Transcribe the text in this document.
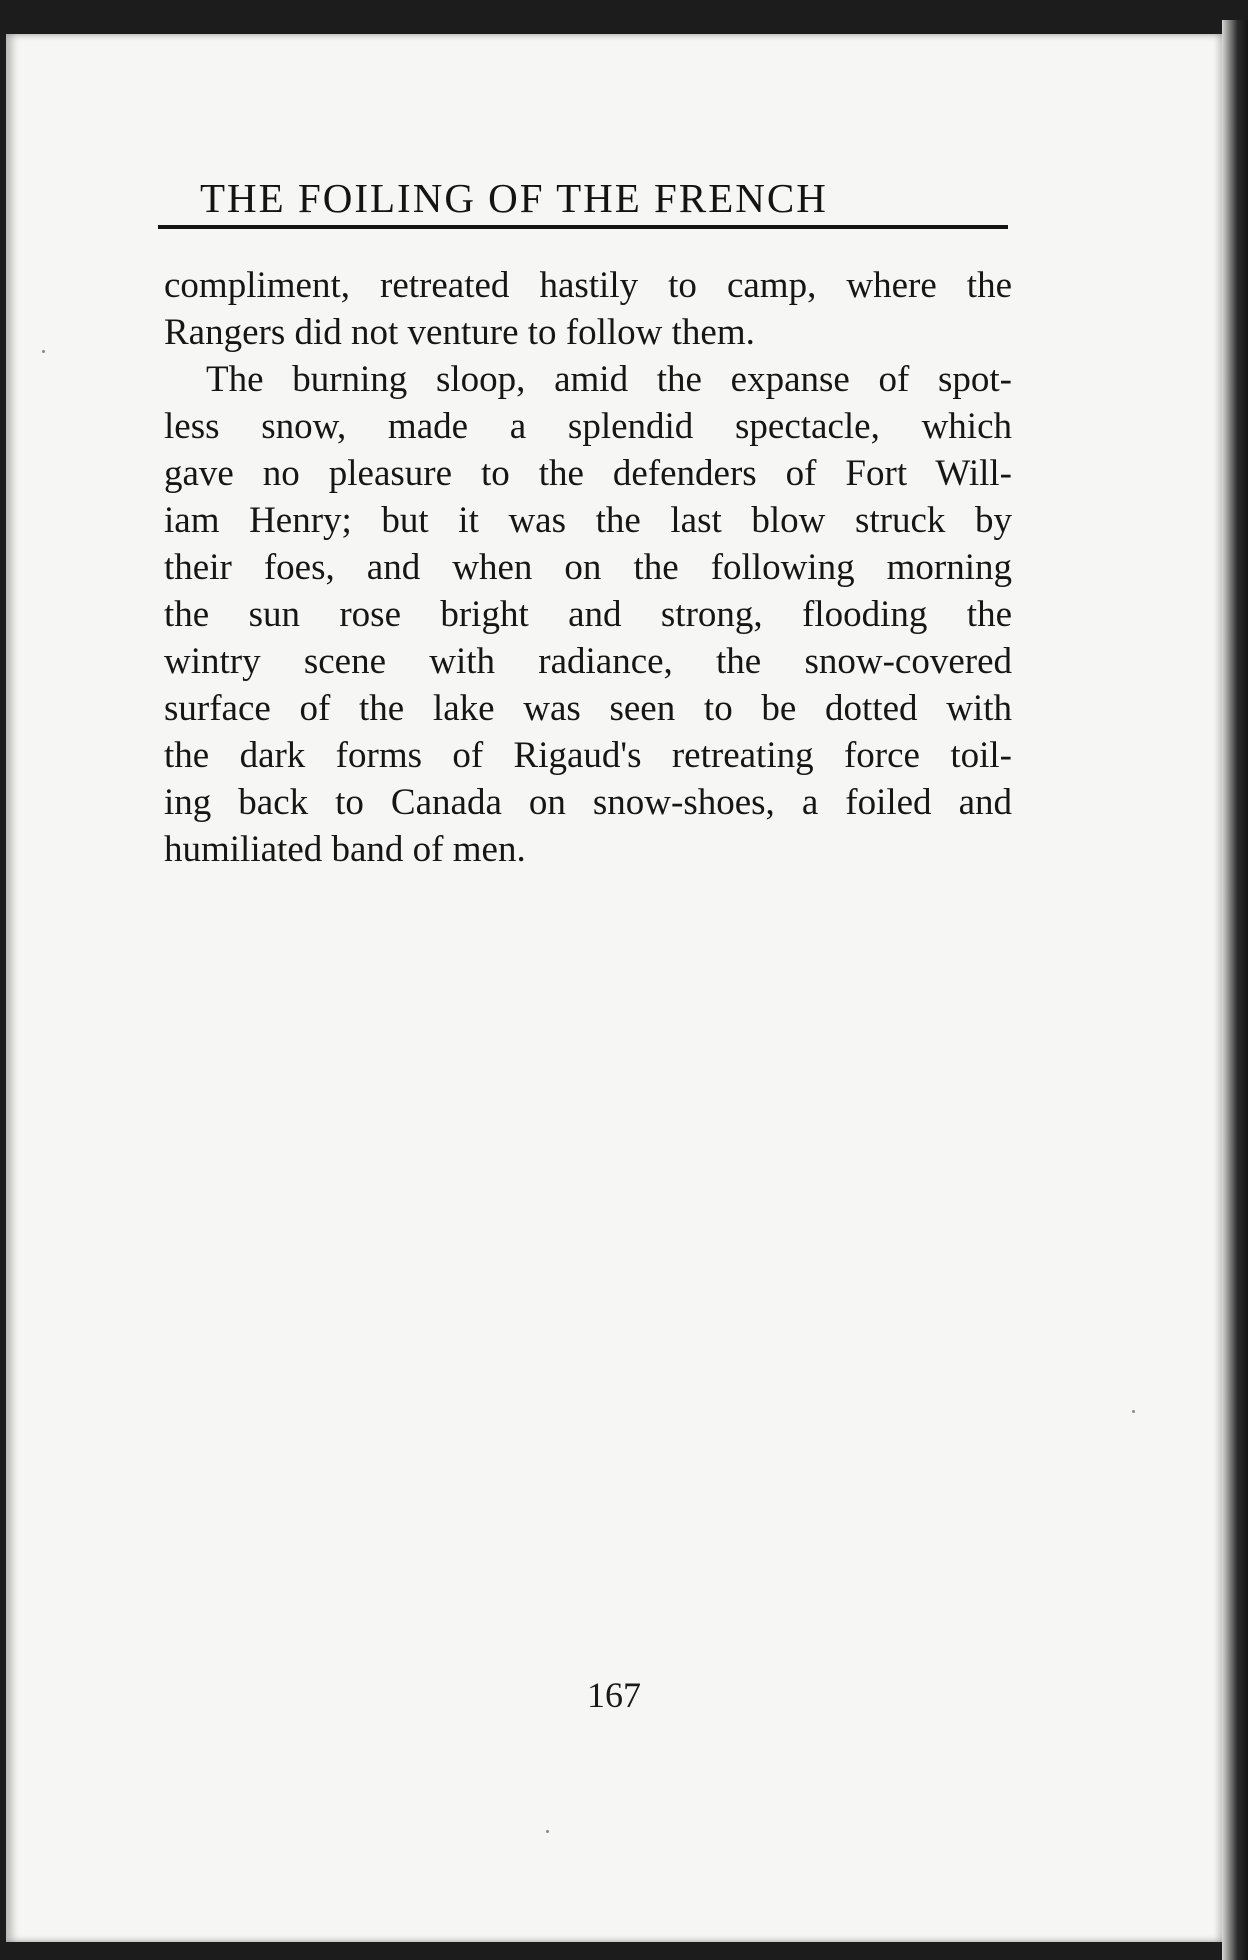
THE FOILING OF THE FRENCH
compliment, retreated hastily to camp, where the
Rangers did not venture to follow them.
The burning sloop, amid the expanse of spot-
less snow, made a splendid spectacle, which
gave no pleasure to the defenders of Fort Will-
iam Henry; but it was the last blow struck by
their foes, and when on the following morning
the sun rose bright and strong, flooding the
wintry scene with radiance, the snow-covered
surface of the lake was seen to be dotted with
the dark forms of Rigaud's retreating force toil-
ing back to Canada on snow-shoes, a foiled and
humiliated band of men.
167
